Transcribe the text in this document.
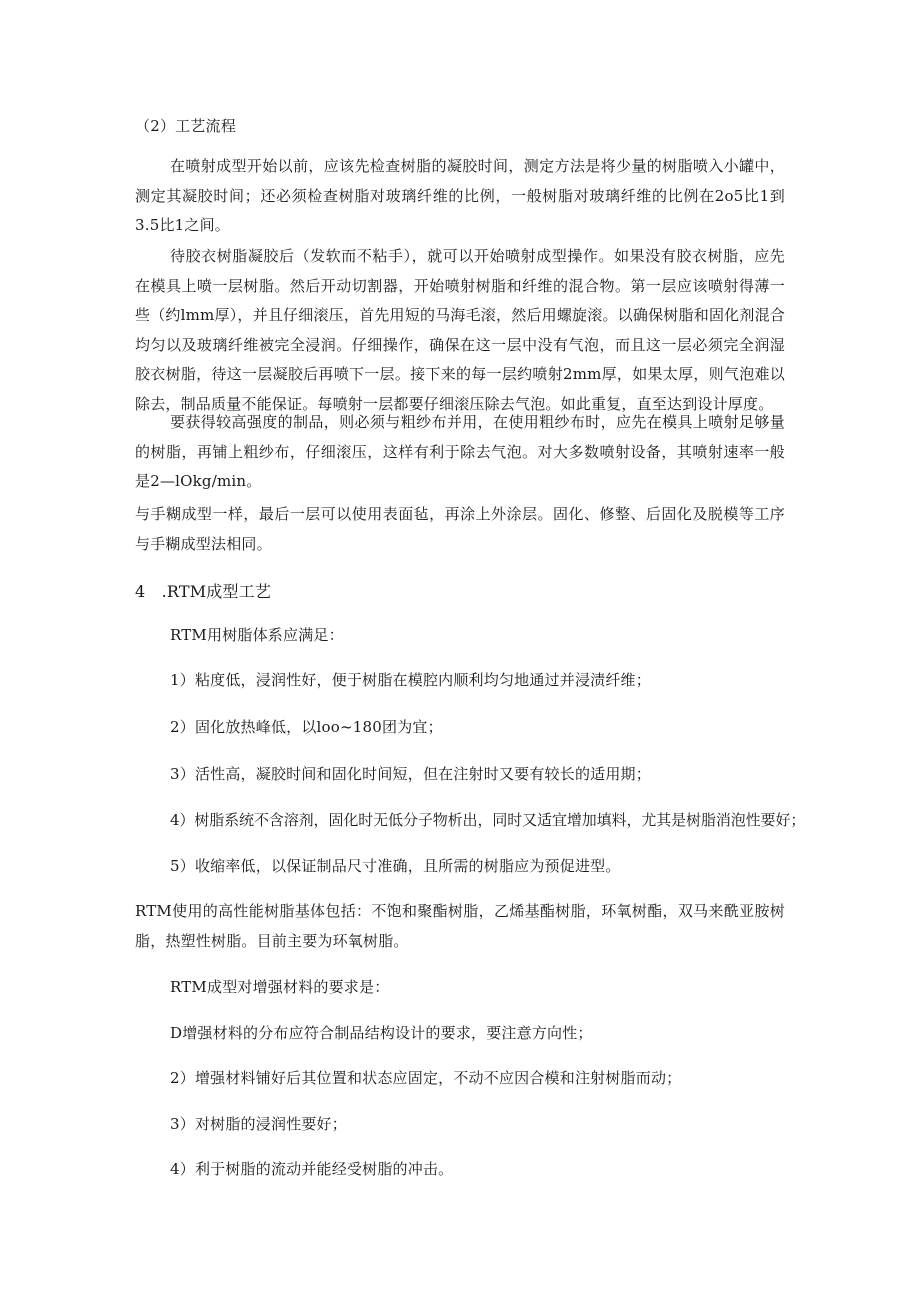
（2）工艺流程

在喷射成型开始以前，应该先检查树脂的凝胶时间，测定方法是将少量的树脂喷入小罐中，测定其凝胶时间；还必须检查树脂对玻璃纤维的比例，一般树脂对玻璃纤维的比例在2o5比1到3.5比1之间。

待胶衣树脂凝胶后（发软而不粘手），就可以开始喷射成型操作。如果没有胶衣树脂，应先在模具上喷一层树脂。然后开动切割器，开始喷射树脂和纤维的混合物。第一层应该喷射得薄一些（约lmm厚），并且仔细滚压，首先用短的马海毛滚，然后用螺旋滚。以确保树脂和固化剂混合均匀以及玻璃纤维被完全浸润。仔细操作，确保在这一层中没有气泡，而且这一层必须完全润湿胶衣树脂，待这一层凝胶后再喷下一层。接下来的每一层约喷射2mm厚，如果太厚，则气泡难以除去，制品质量不能保证。每喷射一层都要仔细滚压除去气泡。如此重复，直至达到设计厚度。

要获得较高强度的制品，则必须与粗纱布并用，在使用粗纱布时，应先在模具上喷射足够量的树脂，再铺上粗纱布，仔细滚压，这样有利于除去气泡。对大多数喷射设备，其喷射速率一般是2—lOkg/min。

与手糊成型一样，最后一层可以使用表面毡，再涂上外涂层。固化、修整、后固化及脱模等工序与手糊成型法相同。

4　.RTM成型工艺

RTM用树脂体系应满足：

1）粘度低，浸润性好，便于树脂在模腔内顺利均匀地通过并浸渍纤维；

2）固化放热峰低，以loo~180团为宜；

3）活性高，凝胶时间和固化时间短，但在注射时又要有较长的适用期；

4）树脂系统不含溶剂，固化时无低分子物析出，同时又适宜增加填料，尤其是树脂消泡性要好；

5）收缩率低，以保证制品尺寸准确，且所需的树脂应为预促进型。

RTM使用的高性能树脂基体包括：不饱和聚酯树脂，乙烯基酯树脂，环氧树酯，双马来酰亚胺树脂，热塑性树脂。目前主要为环氧树脂。

RTM成型对增强材料的要求是：

D增强材料的分布应符合制品结构设计的要求，要注意方向性；

2）增强材料铺好后其位置和状态应固定，不动不应因合模和注射树脂而动；

3）对树脂的浸润性要好；

4）利于树脂的流动并能经受树脂的冲击。
